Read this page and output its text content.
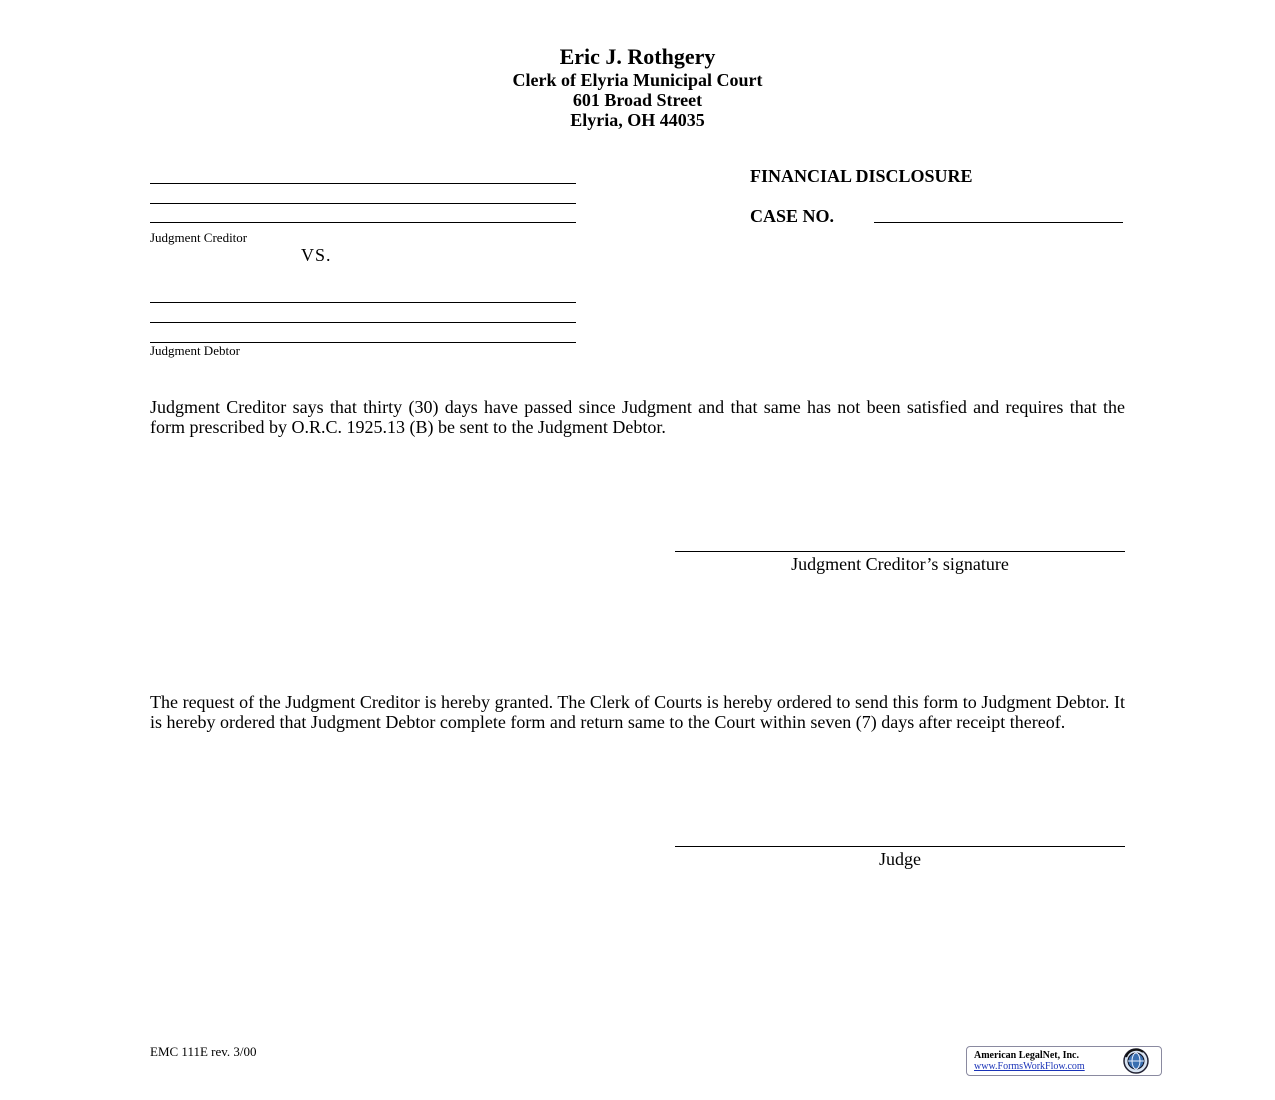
Eric J. Rothgery
Clerk of Elyria Municipal Court
601 Broad Street
Elyria, OH 44035
Judgment Creditor
VS.
Judgment Debtor
FINANCIAL DISCLOSURE
CASE NO.
Judgment Creditor says that thirty (30) days have passed since Judgment and that same has not been satisfied and requires that the form prescribed by O.R.C. 1925.13 (B) be sent to the Judgment Debtor.
Judgment Creditor’s signature
The request of the Judgment Creditor is hereby granted. The Clerk of Courts is hereby ordered to send this form to Judgment Debtor. It is hereby ordered that Judgment Debtor complete form and return same to the Court within seven (7) days after receipt thereof.
Judge
EMC 111E rev. 3/00	American LegalNet, Inc.
www.FormsWorkFlow.com
